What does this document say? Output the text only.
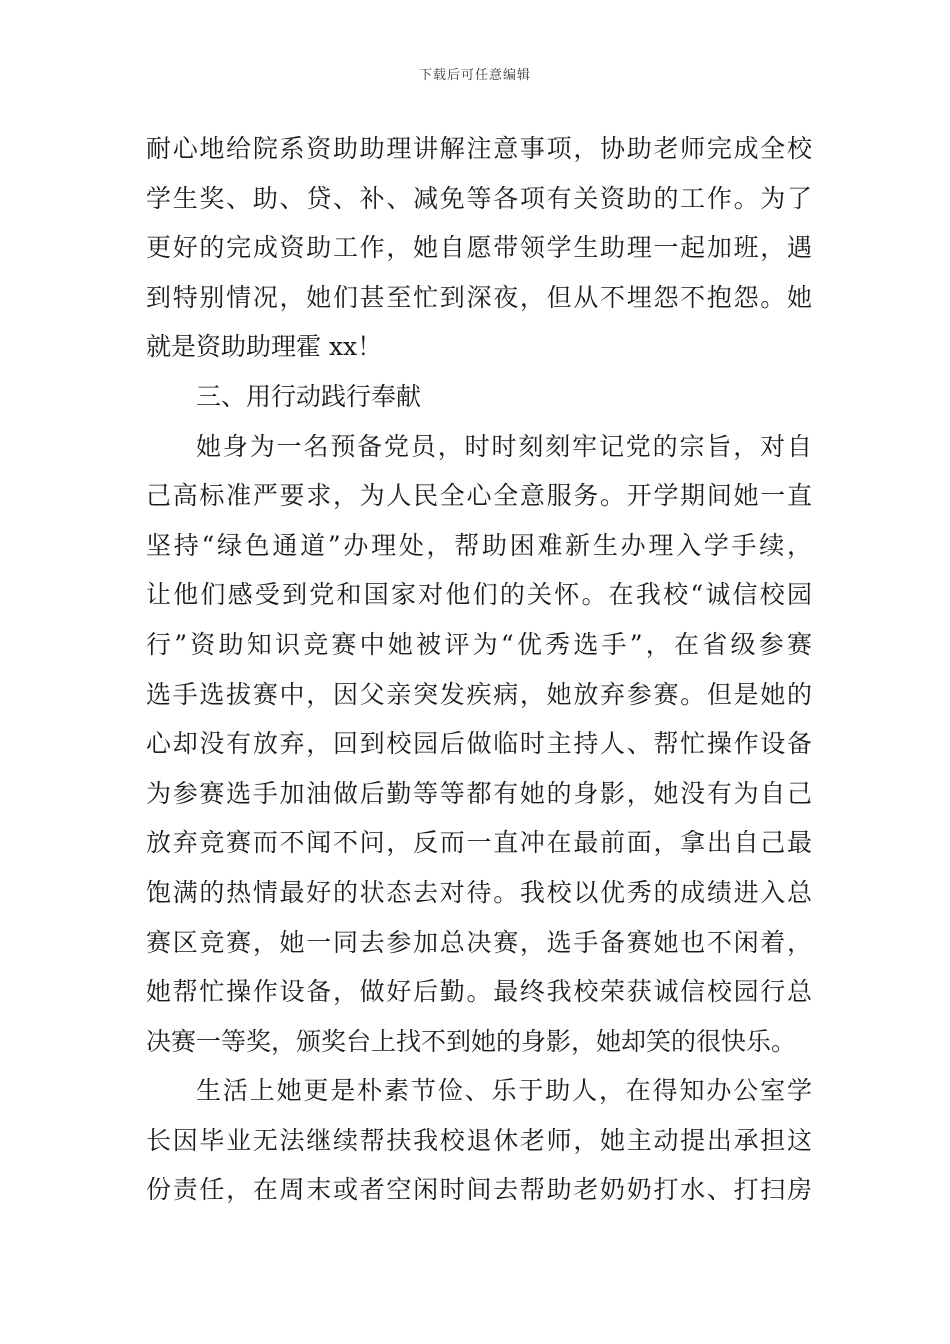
下载后可任意编辑
耐心地给院系资助助理讲解注意事项，协助老师完成全校
学生奖、助、贷、补、减免等各项有关资助的工作。为了
更好的完成资助工作，她自愿带领学生助理一起加班，遇
到特别情况，她们甚至忙到深夜，但从不埋怨不抱怨。她
就是资助助理霍 xx！
三、用行动践行奉献
她身为一名预备党员，时时刻刻牢记党的宗旨，对自
己高标准严要求，为人民全心全意服务。开学期间她一直
坚持“绿色通道”办理处，帮助困难新生办理入学手续，
让他们感受到党和国家对他们的关怀。在我校“诚信校园
行”资助知识竞赛中她被评为“优秀选手”，在省级参赛
选手选拔赛中，因父亲突发疾病，她放弃参赛。但是她的
心却没有放弃，回到校园后做临时主持人、帮忙操作设备
为参赛选手加油做后勤等等都有她的身影，她没有为自己
放弃竞赛而不闻不问，反而一直冲在最前面，拿出自己最
饱满的热情最好的状态去对待。我校以优秀的成绩进入总
赛区竞赛，她一同去参加总决赛，选手备赛她也不闲着，
她帮忙操作设备，做好后勤。最终我校荣获诚信校园行总
决赛一等奖，颁奖台上找不到她的身影，她却笑的很快乐。
生活上她更是朴素节俭、乐于助人，在得知办公室学
长因毕业无法继续帮扶我校退休老师，她主动提出承担这
份责任，在周末或者空闲时间去帮助老奶奶打水、打扫房
